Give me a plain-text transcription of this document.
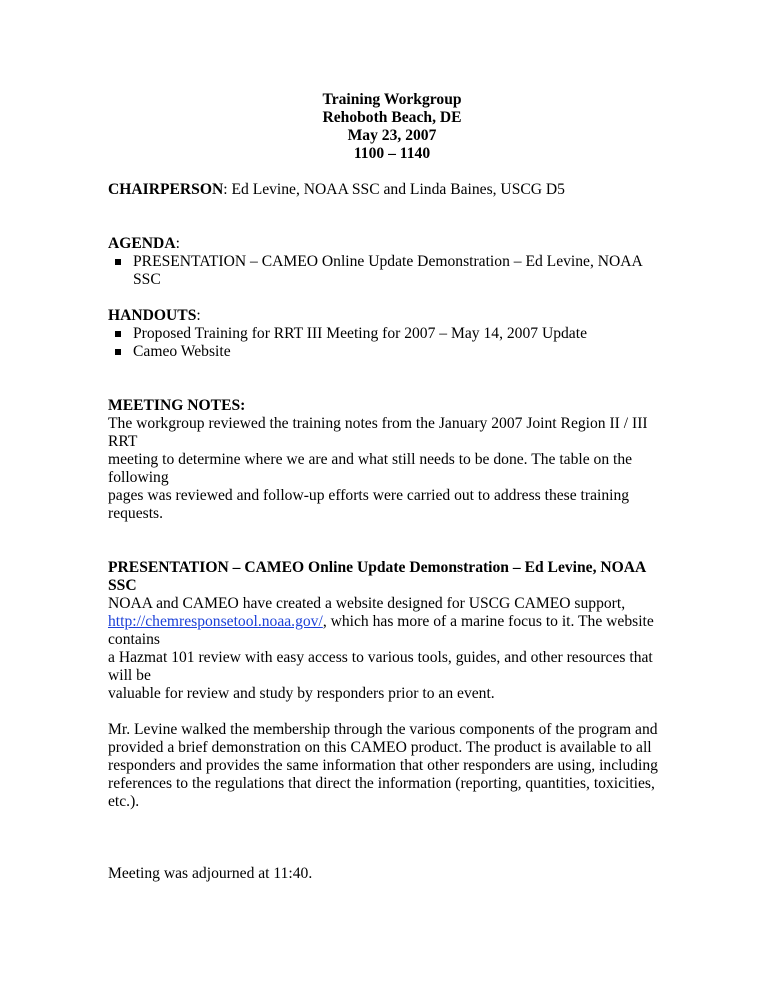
Training Workgroup
Rehoboth Beach, DE
May 23, 2007
1100 – 1140

CHAIRPERSON: Ed Levine, NOAA SSC and Linda Baines, USCG D5

AGENDA:

PRESENTATION – CAMEO Online Update Demonstration – Ed Levine, NOAA SSC

HANDOUTS:

Proposed Training for RRT III Meeting for 2007 – May 14, 2007 Update
Cameo Website

MEETING NOTES:

The workgroup reviewed the training notes from the January 2007 Joint Region II / III RRT

meeting to determine where we are and what still needs to be done. The table on the following

pages was reviewed and follow-up efforts were carried out to address these training requests.

PRESENTATION – CAMEO Online Update Demonstration – Ed Levine, NOAA SSC

NOAA and CAMEO have created a website designed for USCG CAMEO support,

http://chemresponsetool.noaa.gov/, which has more of a marine focus to it. The website contains

a Hazmat 101 review with easy access to various tools, guides, and other resources that will be

valuable for review and study by responders prior to an event.

Mr. Levine walked the membership through the various components of the program and

provided a brief demonstration on this CAMEO product. The product is available to all

responders and provides the same information that other responders are using, including

references to the regulations that direct the information (reporting, quantities, toxicities, etc.).

Meeting was adjourned at 11:40.
